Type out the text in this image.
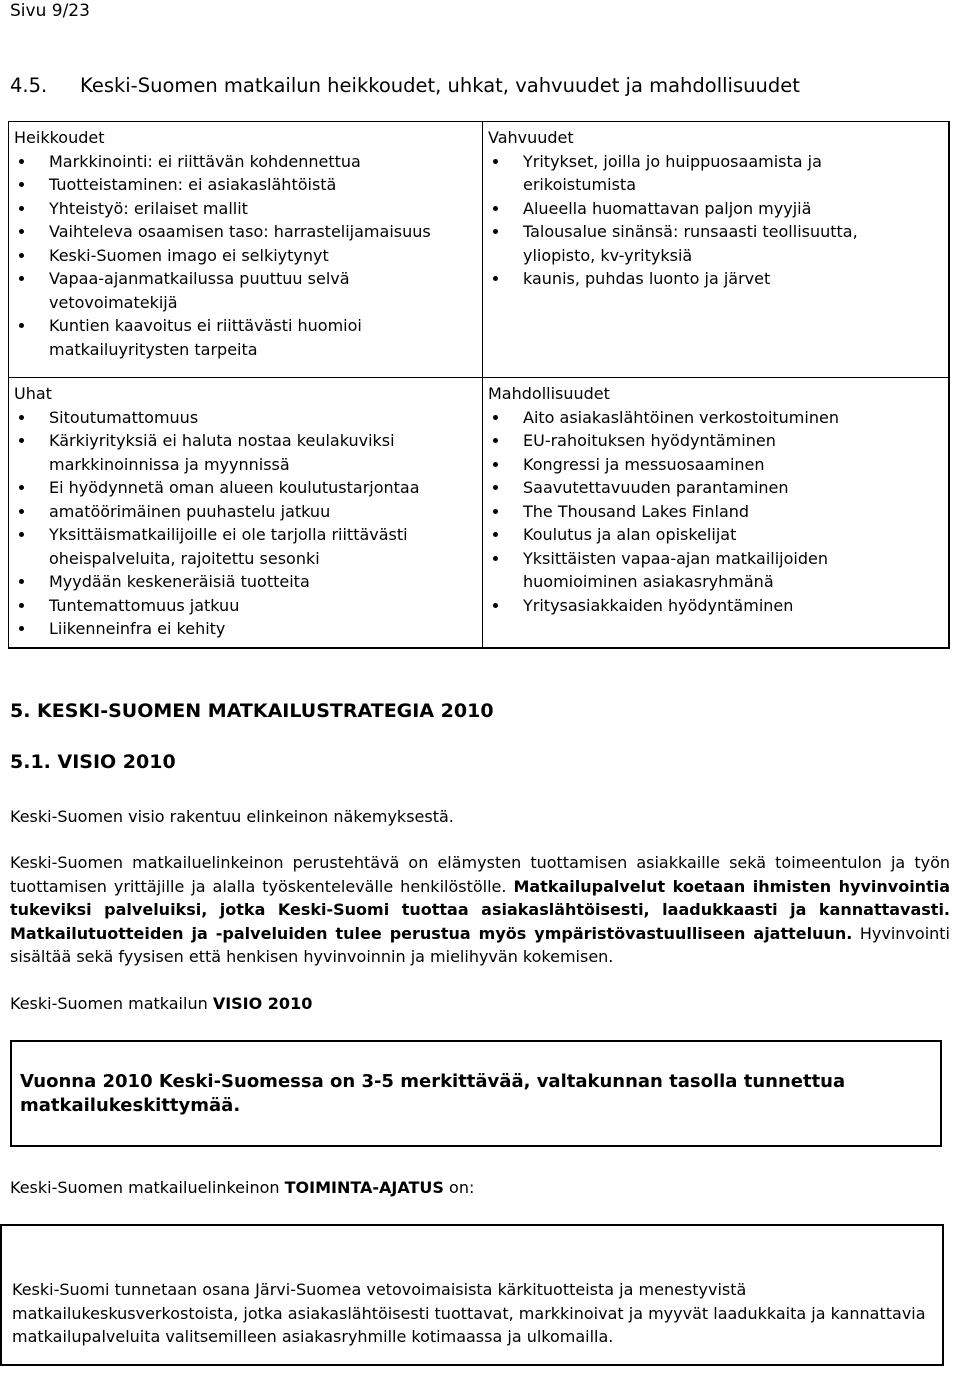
Sivu 9/23
4.5. Keski-Suomen matkailun heikkoudet, uhkat, vahvuudet ja mahdollisuudet
Heikkoudet
Markkinointi: ei riittävän kohdennettua
Tuotteistaminen: ei asiakaslähtöistä
Yhteistyö: erilaiset mallit
Vaihteleva osaamisen taso: harrastelijamaisuus
Keski-Suomen imago ei selkiytynyt
Vapaa-ajanmatkailussa puuttuu selvä vetovoimatekijä
Kuntien kaavoitus ei riittävästi huomioi matkailuyritysten tarpeita
Vahvuudet
Yritykset, joilla jo huippuosaamista ja erikoistumista
Alueella huomattavan paljon myyjiä
Talousalue sinänsä: runsaasti teollisuutta, yliopisto, kv-yrityksiä
kaunis, puhdas luonto ja järvet
Uhat
Sitoutumattomuus
Kärkiyrityksiä ei haluta nostaa keulakuviksi markkinoinnissa ja myynnissä
Ei hyödynnetä oman alueen koulutustarjontaa
amatöörimäinen puuhastelu jatkuu
Yksittäismatkailijoille ei ole tarjolla riittävästi oheispalveluita, rajoitettu sesonki
Myydään keskeneräisiä tuotteita
Tuntemattomuus jatkuu
Liikenneinfra ei kehity
Mahdollisuudet
Aito asiakaslähtöinen verkostoituminen
EU-rahoituksen hyödyntäminen
Kongressi ja messuosaaminen
Saavutettavuuden parantaminen
The Thousand Lakes Finland
Koulutus ja alan opiskelijat
Yksittäisten vapaa-ajan matkailijoiden huomioiminen asiakasryhmänä
Yritysasiakkaiden hyödyntäminen
5. KESKI-SUOMEN MATKAILUSTRATEGIA 2010
5.1. VISIO 2010
Keski-Suomen visio rakentuu elinkeinon näkemyksestä.
Keski-Suomen matkailuelinkeinon perustehtävä on elämysten tuottamisen asiakkaille sekä toimeentulon ja työn tuottamisen yrittäjille ja alalla työskentelevälle henkilöstölle. Matkailupalvelut koetaan ihmisten hyvinvointia tukeviksi palveluiksi, jotka Keski-Suomi tuottaa asiakaslähtöisesti, laadukkaasti ja kannattavasti. Matkailutuotteiden ja -palveluiden tulee perustua myös ympäristövastuulliseen ajatteluun. Hyvinvointi sisältää sekä fyysisen että henkisen hyvinvoinnin ja mielihyvän kokemisen.
Keski-Suomen matkailun VISIO 2010
Vuonna 2010 Keski-Suomessa on 3-5 merkittävää, valtakunnan tasolla tunnettua matkailukeskittymää.
Keski-Suomen matkailuelinkeinon TOIMINTA-AJATUS on:
Keski-Suomi tunnetaan osana Järvi-Suomea vetovoimaisista kärkituotteista ja menestyvistä matkailukeskusverkostoista, jotka asiakaslähtöisesti tuottavat, markkinoivat ja myyvät laadukkaita ja kannattavia matkailupalveluita valitsemilleen asiakasryhmille kotimaassa ja ulkomailla.
